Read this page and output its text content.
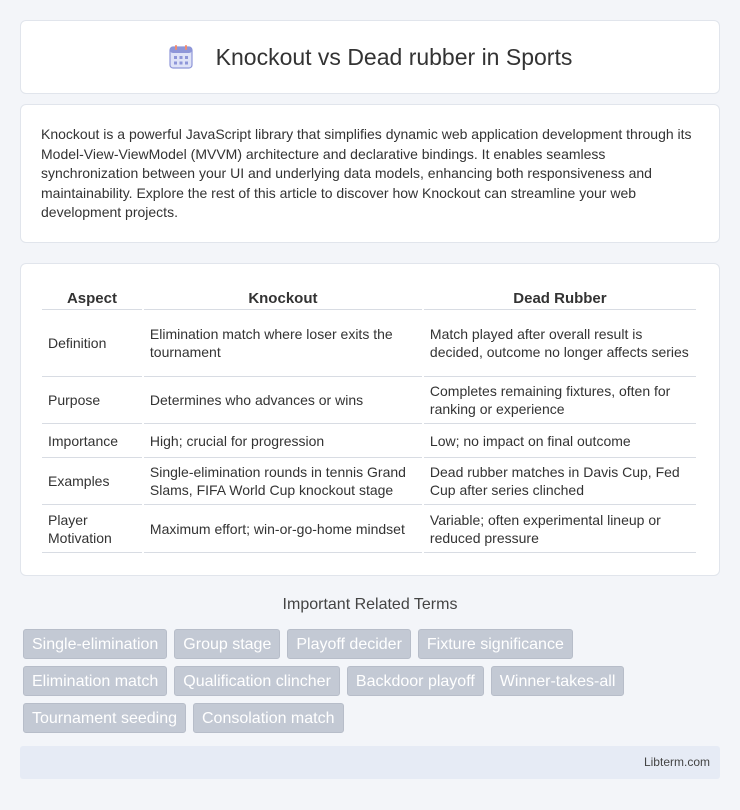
Knockout vs Dead rubber in Sports

Knockout is a powerful JavaScript library that simplifies dynamic web application development through its Model-View-ViewModel (MVVM) architecture and declarative bindings. It enables seamless synchronization between your UI and underlying data models, enhancing both responsiveness and maintainability. Explore the rest of this article to discover how Knockout can streamline your web development projects.

Aspect	Knockout	Dead Rubber
Definition	Elimination match where loser exits the tournament	Match played after overall result is decided, outcome no longer affects series
Purpose	Determines who advances or wins	Completes remaining fixtures, often for ranking or experience
Importance	High; crucial for progression	Low; no impact on final outcome
Examples	Single-elimination rounds in tennis Grand Slams, FIFA World Cup knockout stage	Dead rubber matches in Davis Cup, Fed Cup after series clinched
Player Motivation	Maximum effort; win-or-go-home mindset	Variable; often experimental lineup or reduced pressure
Important Related Terms
Single-elimination	Group stage	Playoff decider	Fixture significance
Elimination match	Qualification clincher	Backdoor playoff	Winner-takes-all
Tournament seeding	Consolation match
Libterm.com
